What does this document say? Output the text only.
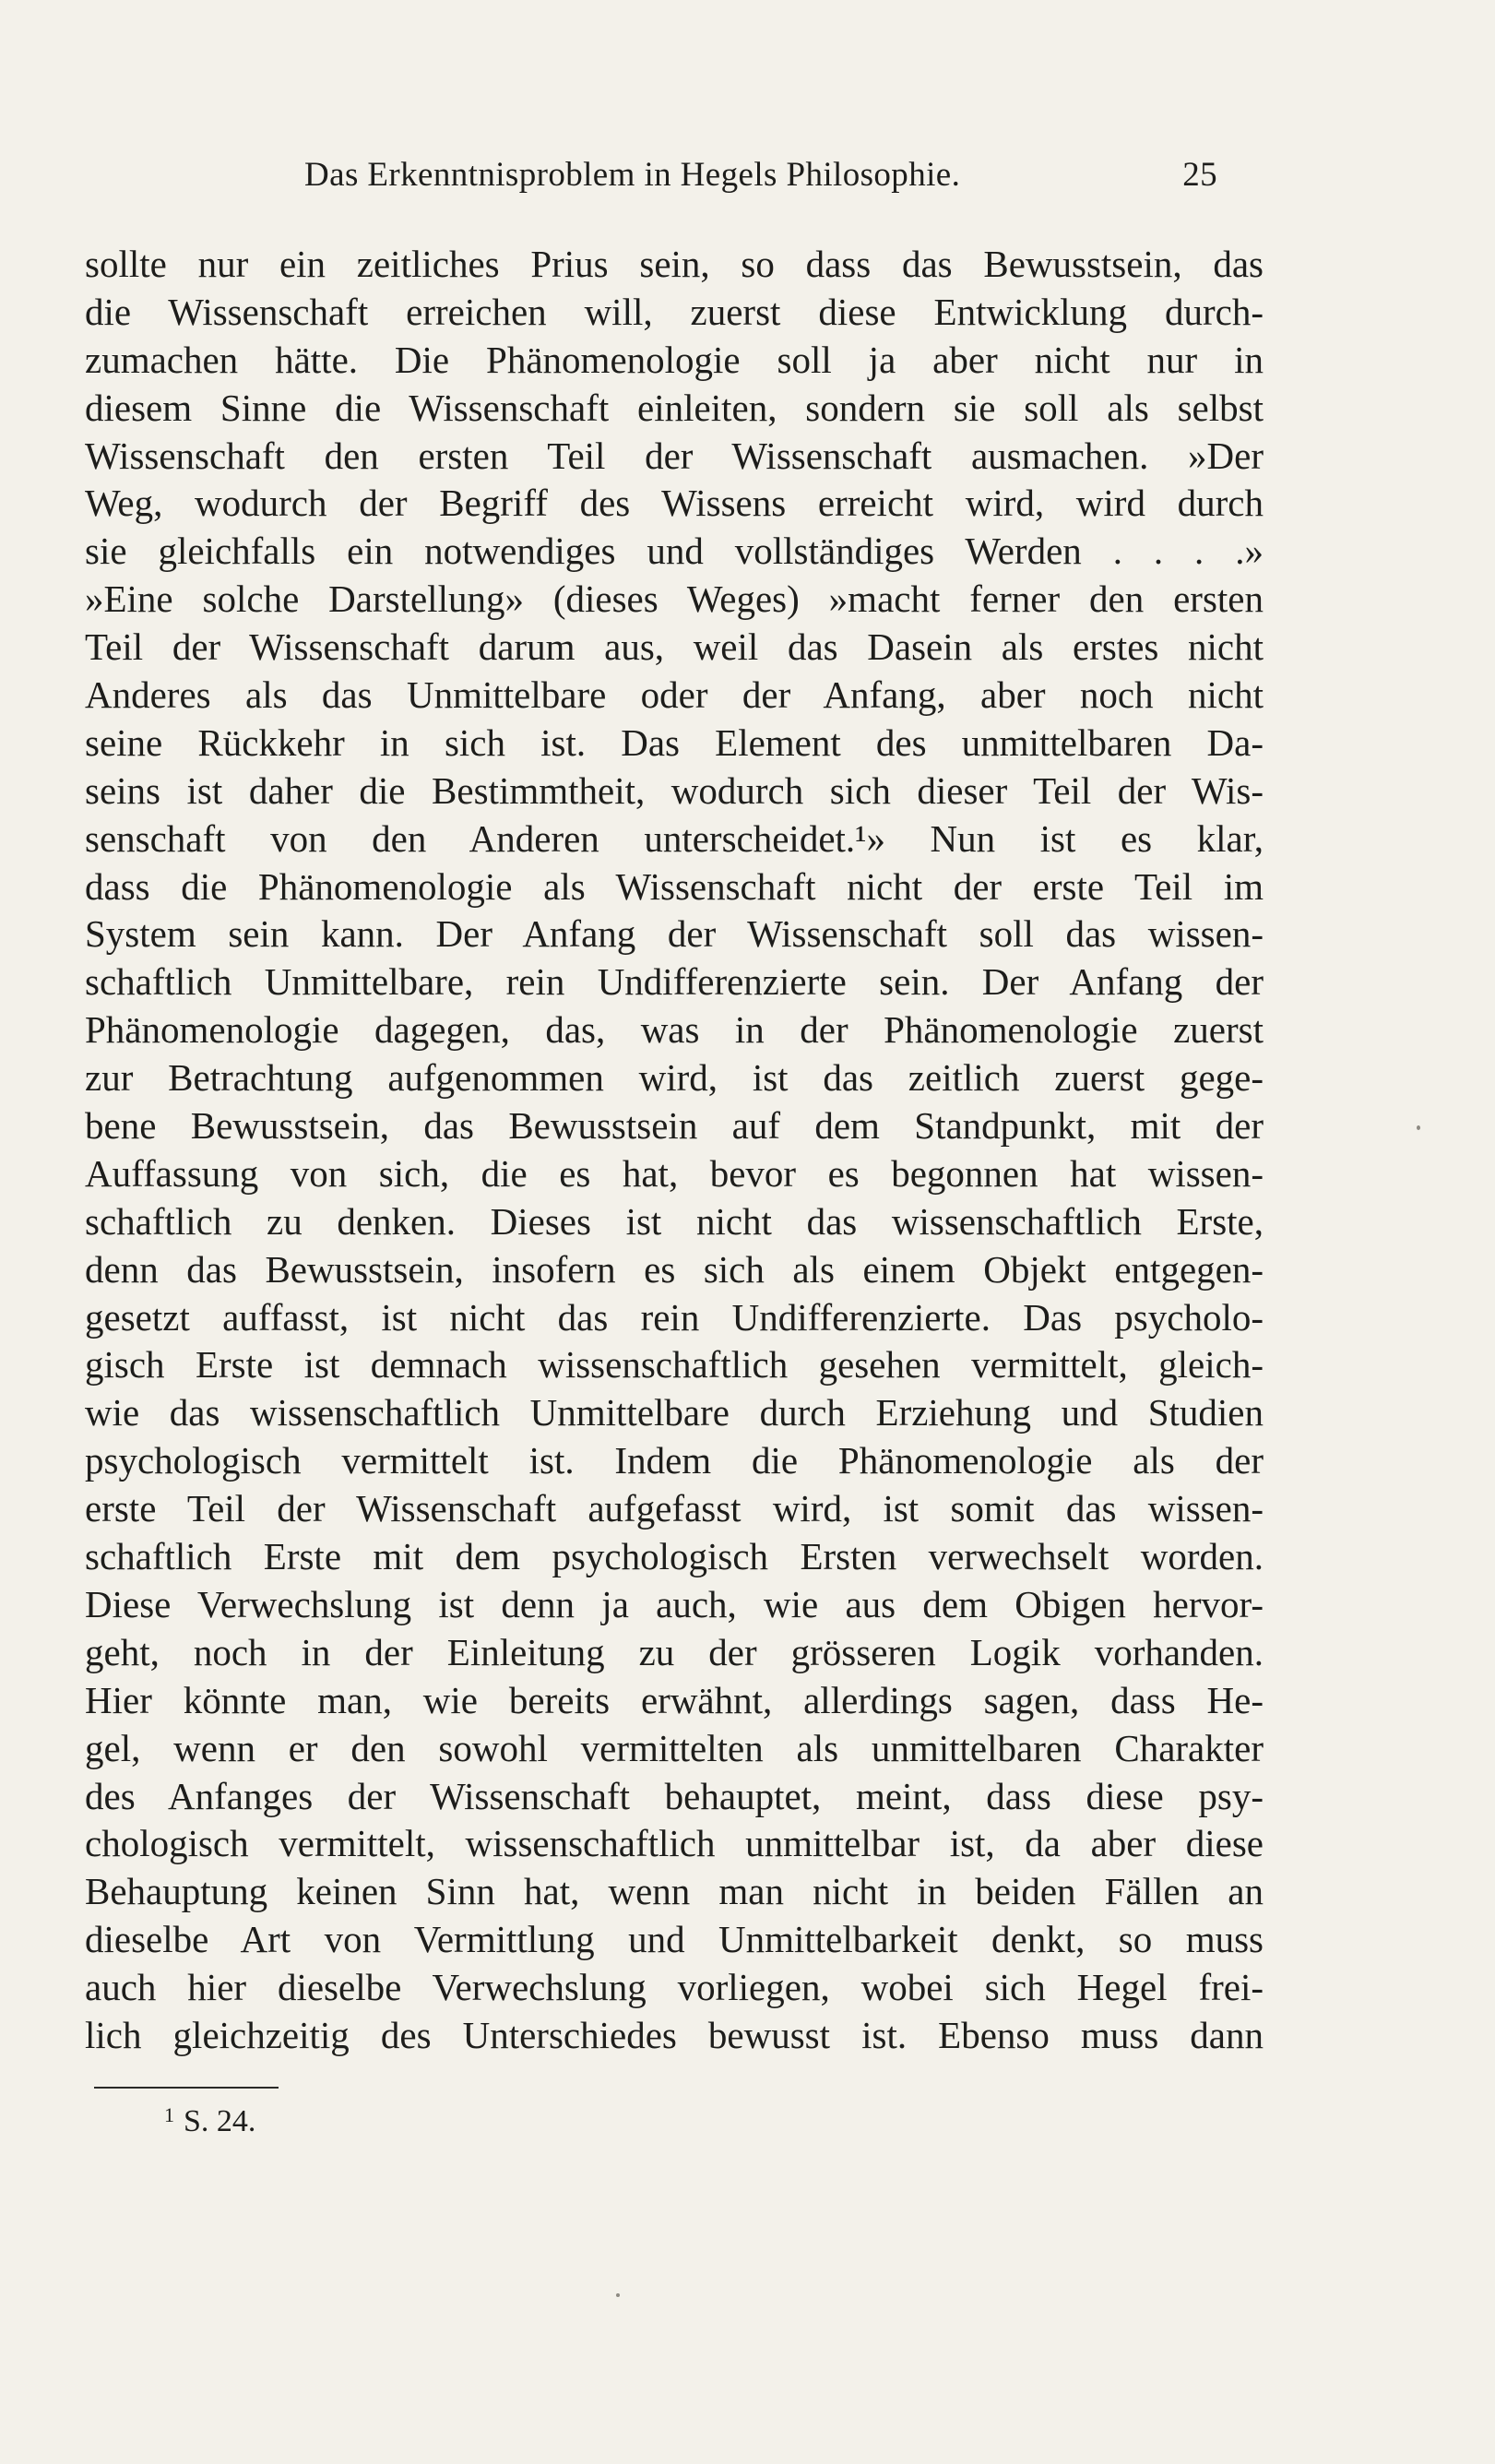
Das Erkenntnisproblem in Hegels Philosophie.	25
sollte nur ein zeitliches Prius sein, so dass das Bewusstsein, das
die Wissenschaft erreichen will, zuerst diese Entwicklung durch-
zumachen hätte. Die Phänomenologie soll ja aber nicht nur in
diesem Sinne die Wissenschaft einleiten, sondern sie soll als selbst
Wissenschaft den ersten Teil der Wissenschaft ausmachen. »Der
Weg, wodurch der Begriff des Wissens erreicht wird, wird durch
sie gleichfalls ein notwendiges und vollständiges Werden . . . .»
»Eine solche Darstellung» (dieses Weges) »macht ferner den ersten
Teil der Wissenschaft darum aus, weil das Dasein als erstes nicht
Anderes als das Unmittelbare oder der Anfang, aber noch nicht
seine Rückkehr in sich ist. Das Element des unmittelbaren Da-
seins ist daher die Bestimmtheit, wodurch sich dieser Teil der Wis-
senschaft von den Anderen unterscheidet.¹» Nun ist es klar,
dass die Phänomenologie als Wissenschaft nicht der erste Teil im
System sein kann. Der Anfang der Wissenschaft soll das wissen-
schaftlich Unmittelbare, rein Undifferenzierte sein. Der Anfang der
Phänomenologie dagegen, das, was in der Phänomenologie zuerst
zur Betrachtung aufgenommen wird, ist das zeitlich zuerst gege-
bene Bewusstsein, das Bewusstsein auf dem Standpunkt, mit der
Auffassung von sich, die es hat, bevor es begonnen hat wissen-
schaftlich zu denken. Dieses ist nicht das wissenschaftlich Erste,
denn das Bewusstsein, insofern es sich als einem Objekt entgegen-
gesetzt auffasst, ist nicht das rein Undifferenzierte. Das psycholo-
gisch Erste ist demnach wissenschaftlich gesehen vermittelt, gleich-
wie das wissenschaftlich Unmittelbare durch Erziehung und Studien
psychologisch vermittelt ist. Indem die Phänomenologie als der
erste Teil der Wissenschaft aufgefasst wird, ist somit das wissen-
schaftlich Erste mit dem psychologisch Ersten verwechselt worden.
Diese Verwechslung ist denn ja auch, wie aus dem Obigen hervor-
geht, noch in der Einleitung zu der grösseren Logik vorhanden.
Hier könnte man, wie bereits erwähnt, allerdings sagen, dass He-
gel, wenn er den sowohl vermittelten als unmittelbaren Charakter
des Anfanges der Wissenschaft behauptet, meint, dass diese psy-
chologisch vermittelt, wissenschaftlich unmittelbar ist, da aber diese
Behauptung keinen Sinn hat, wenn man nicht in beiden Fällen an
dieselbe Art von Vermittlung und Unmittelbarkeit denkt, so muss
auch hier dieselbe Verwechslung vorliegen, wobei sich Hegel frei-
lich gleichzeitig des Unterschiedes bewusst ist. Ebenso muss dann
$^1$ S. 24.
